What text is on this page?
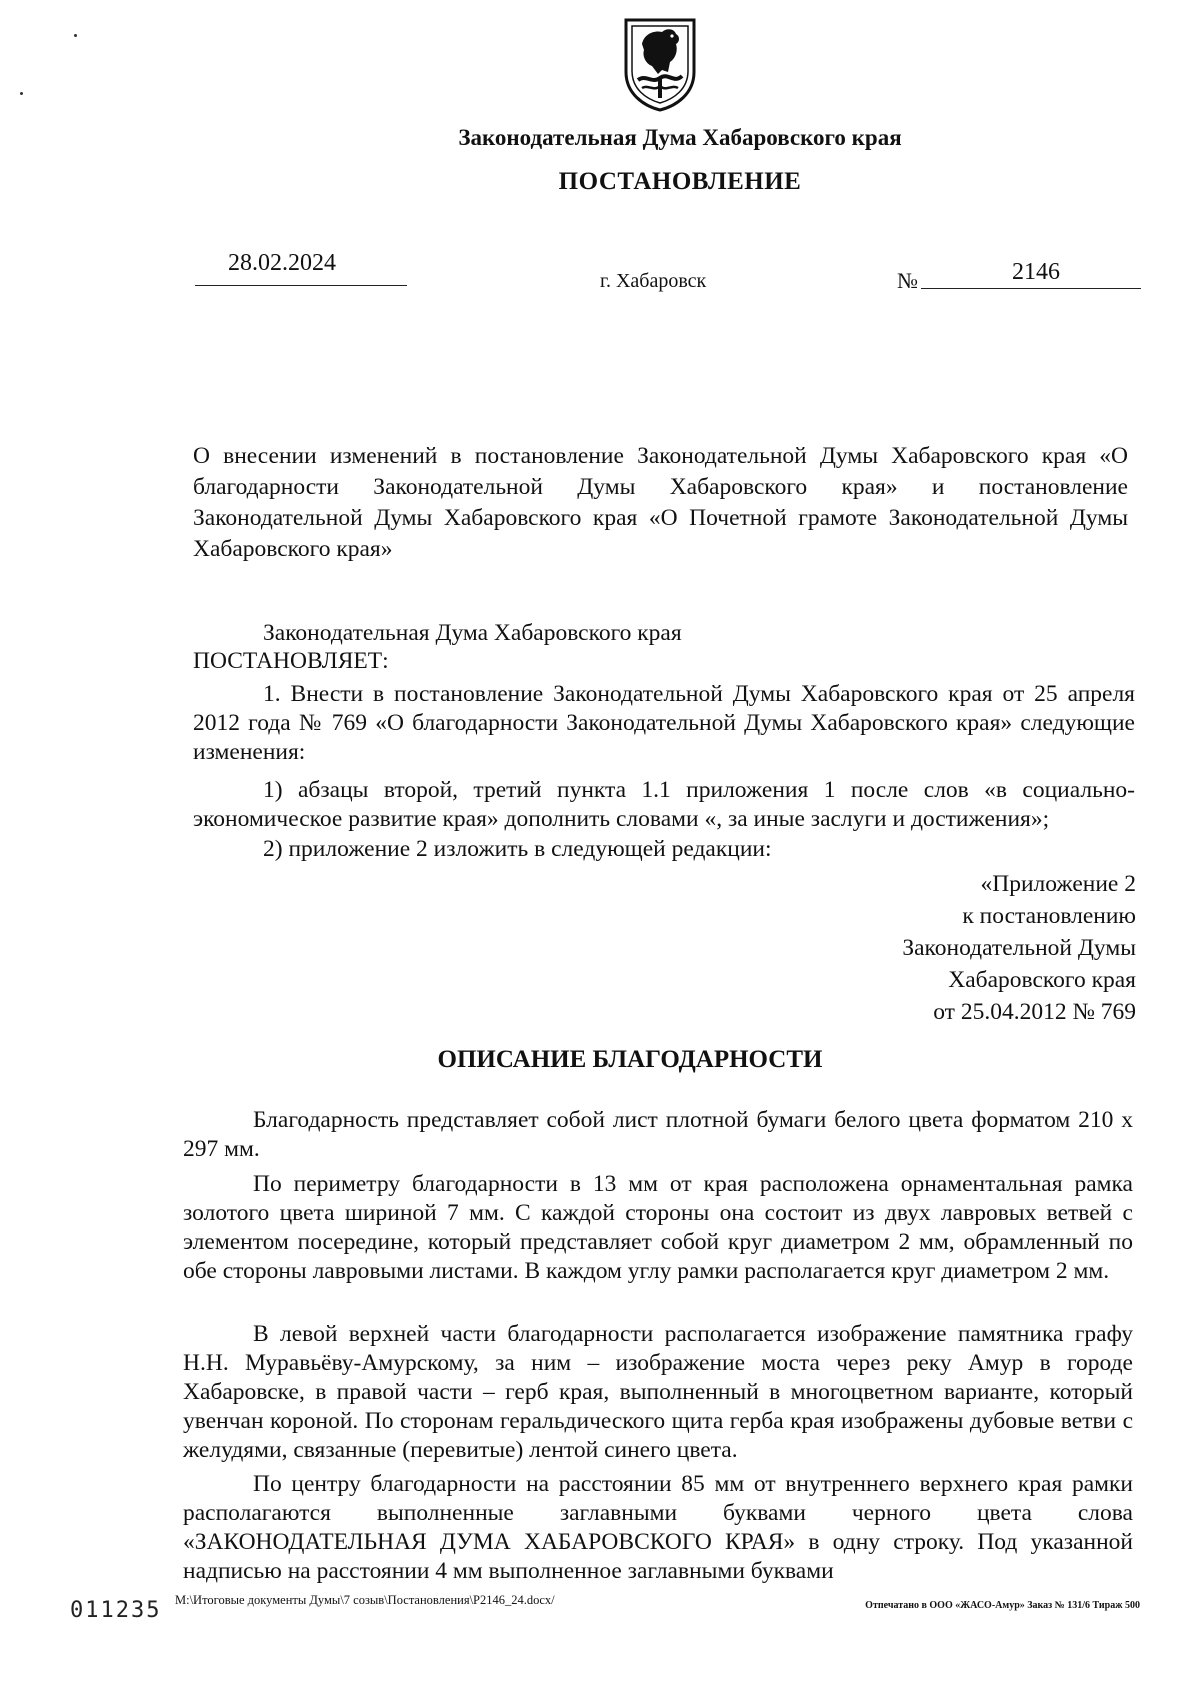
Законодательная Дума Хабаровского края
ПОСТАНОВЛЕНИЕ
28.02.2024
г. Хабаровск	№	2146
О внесении изменений в постановление Законодательной Думы Хабаровского края «О благодарности Законодательной Думы Хабаровского края» и постановление Законодательной Думы Хабаровского края «О Почетной грамоте Законодательной Думы Хабаровского края»
Законодательная Дума Хабаровского края
ПОСТАНОВЛЯЕТ:
1. Внести в постановление Законодательной Думы Хабаровского края от 25 апреля 2012 года № 769 «О благодарности Законодательной Думы Хабаровского края» следующие изменения:
1) абзацы второй, третий пункта 1.1 приложения 1 после слов «в социально-экономическое развитие края» дополнить словами «, за иные заслуги и достижения»;
2) приложение 2 изложить в следующей редакции:
«Приложение 2
к постановлению
Законодательной Думы
Хабаровского края
от 25.04.2012 № 769
ОПИСАНИЕ БЛАГОДАРНОСТИ
Благодарность представляет собой лист плотной бумаги белого цвета форматом 210 х 297 мм.
По периметру благодарности в 13 мм от края расположена орнаментальная рамка золотого цвета шириной 7 мм. С каждой стороны она состоит из двух лавровых ветвей с элементом посередине, который представляет собой круг диаметром 2 мм, обрамленный по обе стороны лавровыми листами. В каждом углу рамки располагается круг диаметром 2 мм.
В левой верхней части благодарности располагается изображение памятника графу Н.Н. Муравьёву-Амурскому, за ним – изображение моста через реку Амур в городе Хабаровске, в правой части – герб края, выполненный в многоцветном варианте, который увенчан короной. По сторонам геральдического щита герба края изображены дубовые ветви с желудями, связанные (перевитые) лентой синего цвета.
По центру благодарности на расстоянии 85 мм от внутреннего верхнего края рамки располагаются выполненные заглавными буквами черного цвета слова «ЗАКОНОДАТЕЛЬНАЯ ДУМА ХАБАРОВСКОГО КРАЯ» в одну строку. Под указанной надписью на расстоянии 4 мм выполненное заглавными буквами
011235 M:\Итоговые документы Думы\7 созыв\Постановления\P2146_24.docx/	Отпечатано в ООО «ЖАСО-Амур» Заказ № 131/6 Тираж 500
